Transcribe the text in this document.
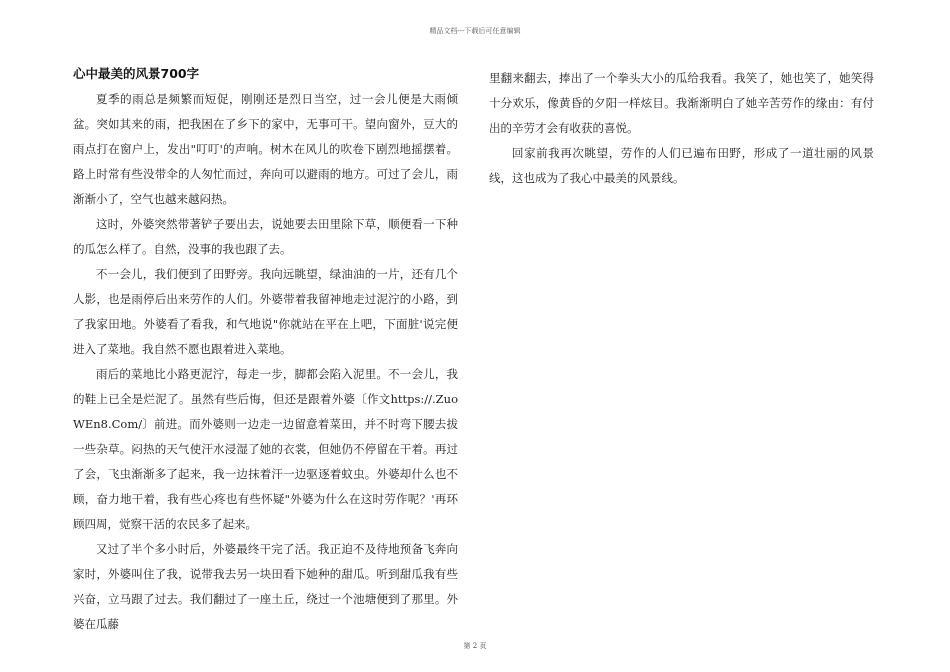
精品文档---下载后可任意编辑
心中最美的风景700字

夏季的雨总是频繁而短促，刚刚还是烈日当空，过一会儿便是大雨倾盆。突如其来的雨，把我困在了乡下的家中，无事可干。望向窗外，豆大的雨点打在窗户上，发出"叮叮'的声响。树木在风儿的吹卷下剧烈地摇摆着。路上时常有些没带伞的人匆忙而过，奔向可以避雨的地方。可过了会儿，雨渐渐小了，空气也越来越闷热。

这时，外婆突然带著铲子要出去，说她要去田里除下草，顺便看一下种的瓜怎么样了。自然，没事的我也跟了去。

不一会儿，我们便到了田野旁。我向远眺望，绿油油的一片，还有几个人影，也是雨停后出来劳作的人们。外婆带着我留神地走过泥泞的小路，到了我家田地。外婆看了看我，和气地说"你就站在平在上吧，下面脏'说完便进入了菜地。我自然不愿也跟着进入菜地。

雨后的菜地比小路更泥泞，每走一步，脚都会陷入泥里。不一会儿，我的鞋上已全是烂泥了。虽然有些后悔，但还是跟着外婆〔作文https://.ZuoWEn8.Com/〕前进。而外婆则一边走一边留意着菜田，并不时弯下腰去拔一些杂草。闷热的天气使汗水浸湿了她的衣裳，但她仍不停留在干着。再过了会，飞虫渐渐多了起来，我一边抹着汗一边驱逐着蚊虫。外婆却什么也不顾，奋力地干着，我有些心疼也有些怀疑"外婆为什么在这时劳作呢？'再环顾四周，觉察干活的农民多了起来。

又过了半个多小时后，外婆最终干完了活。我正迫不及待地预备飞奔向家时，外婆叫住了我，说带我去另一块田看下她种的甜瓜。听到甜瓜我有些兴奋，立马跟了过去。我们翻过了一座土丘，绕过一个池塘便到了那里。外婆在瓜藤

里翻来翻去，捧出了一个拳头大小的瓜给我看。我笑了，她也笑了，她笑得十分欢乐，像黄昏的夕阳一样炫目。我渐渐明白了她辛苦劳作的缘由：有付出的辛劳才会有收获的喜悦。

回家前我再次眺望，劳作的人们已遍布田野，形成了一道壮丽的风景线，这也成为了我心中最美的风景线。

第 2 页
